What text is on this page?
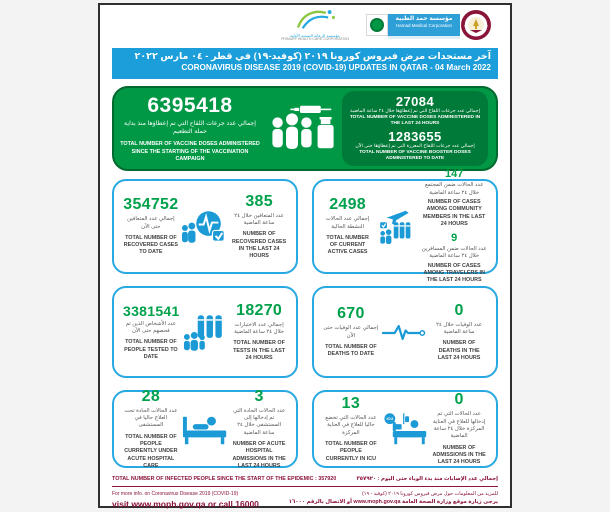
مؤسسة الرعاية الصحية الأولية
PRIMARY HEALTH CARE CORPORATION
مؤسسة حمد الطبية
Hamad Medical Corporation
آخر مستجدات مرض فيروس كورونا ٢٠١٩ (كوفيد-١٩) في قطر - ٠٤ مارس ٢٠٢٢
CORONAVIRUS DISEASE 2019 (COVID-19) UPDATES IN QATAR - 04 March 2022
6395418
إجمالي عدد جرعات اللقاح التي تم إعطاؤها منذ بداية حملة التطعيم
TOTAL NUMBER OF VACCINE DOSES ADMINISTERED SINCE THE STARTING OF THE VACCINATION CAMPAIGN
27084
إجمالي عدد جرعات اللقاح التي تم إعطاؤها خلال ٢٤ ساعة الماضية
TOTAL NUMBER OF VACCINE DOSES ADMINISTERED IN THE LAST 24 HOURS
1283655
إجمالي عدد جرعات اللقاح المعززة التي تم إعطاؤها حتى الآن
TOTAL NUMBER OF VACCINE BOOSTER DOSES ADMINISTERED TO DATE
354752
إجمالي عدد المتعافين حتى الآن
TOTAL NUMBER OF RECOVERED CASES TO DATE
385
عدد المتعافين خلال ٢٤ ساعة الماضية
NUMBER OF RECOVERED CASES IN THE LAST 24 HOURS
2498
إجمالي عدد الحالات النشطة الحالية
TOTAL NUMBER OF CURRENT ACTIVE CASES
147
عدد الحالات ضمن المجتمع خلال ٢٤ ساعة الماضية
NUMBER OF CASES AMONG COMMUNITY MEMBERS IN THE LAST 24 HOURS
9
عدد الحالات ضمن المسافرين خلال ٢٤ ساعة الماضية
NUMBER OF CASES AMONG TRAVELERS IN THE LAST 24 HOURS
3381541
عدد الأشخاص الذين تم فحصهم حتى الآن
TOTAL NUMBER OF PEOPLE TESTED TO DATE
18270
إجمالي عدد الاختبارات خلال ٢٤ ساعة الماضية
TOTAL NUMBER OF TESTS IN THE LAST 24 HOURS
670
إجمالي عدد الوفيات حتى الآن
TOTAL NUMBER OF DEATHS TO DATE
0
عدد الوفيات خلال ٢٤ ساعة الماضية
NUMBER OF DEATHS IN THE LAST 24 HOURS
28
عدد الحالات الحادة تحت العلاج حاليا في المستشفى
TOTAL NUMBER OF PEOPLE CURRENTLY UNDER ACUTE HOSPITAL CARE
3
عدد الحالات الحادة التي تم إدخالها إلى المستشفى خلال ٢٤ ساعة الماضية
NUMBER OF ACUTE HOSPITAL ADMISSIONS IN THE LAST 24 HOURS
13
عدد الحالات التي تخضع حاليا للعلاج في العناية المركزة
TOTAL NUMBER OF PEOPLE CURRENTLY IN ICU
ICU
0
عدد الحالات التي تم إدخالها للعلاج في العناية المركزة خلال ٢٤ ساعة الماضية
NUMBER OF ADMISSIONS IN THE LAST 24 HOURS
TOTAL NUMBER OF INFECTED PEOPLE SINCE THE START OF THE EPIDEMIC : 357920	إجمالي عدد الإصابات منذ بدء الوباء حتى اليوم : ٣٥٧٩٢٠
For more info. on Coronavirus Disease 2019 (COVID-19)
visit www.moph.gov.qa or call 16000
للمزيد من المعلومات حول مرض فيروس كورونا ٢٠١٩ (كوفيد - ١٩)
يرجى زيارة موقع وزارة الصحة العامة www.moph.gov.qa أو الاتصال بالرقم ١٦٠٠٠
